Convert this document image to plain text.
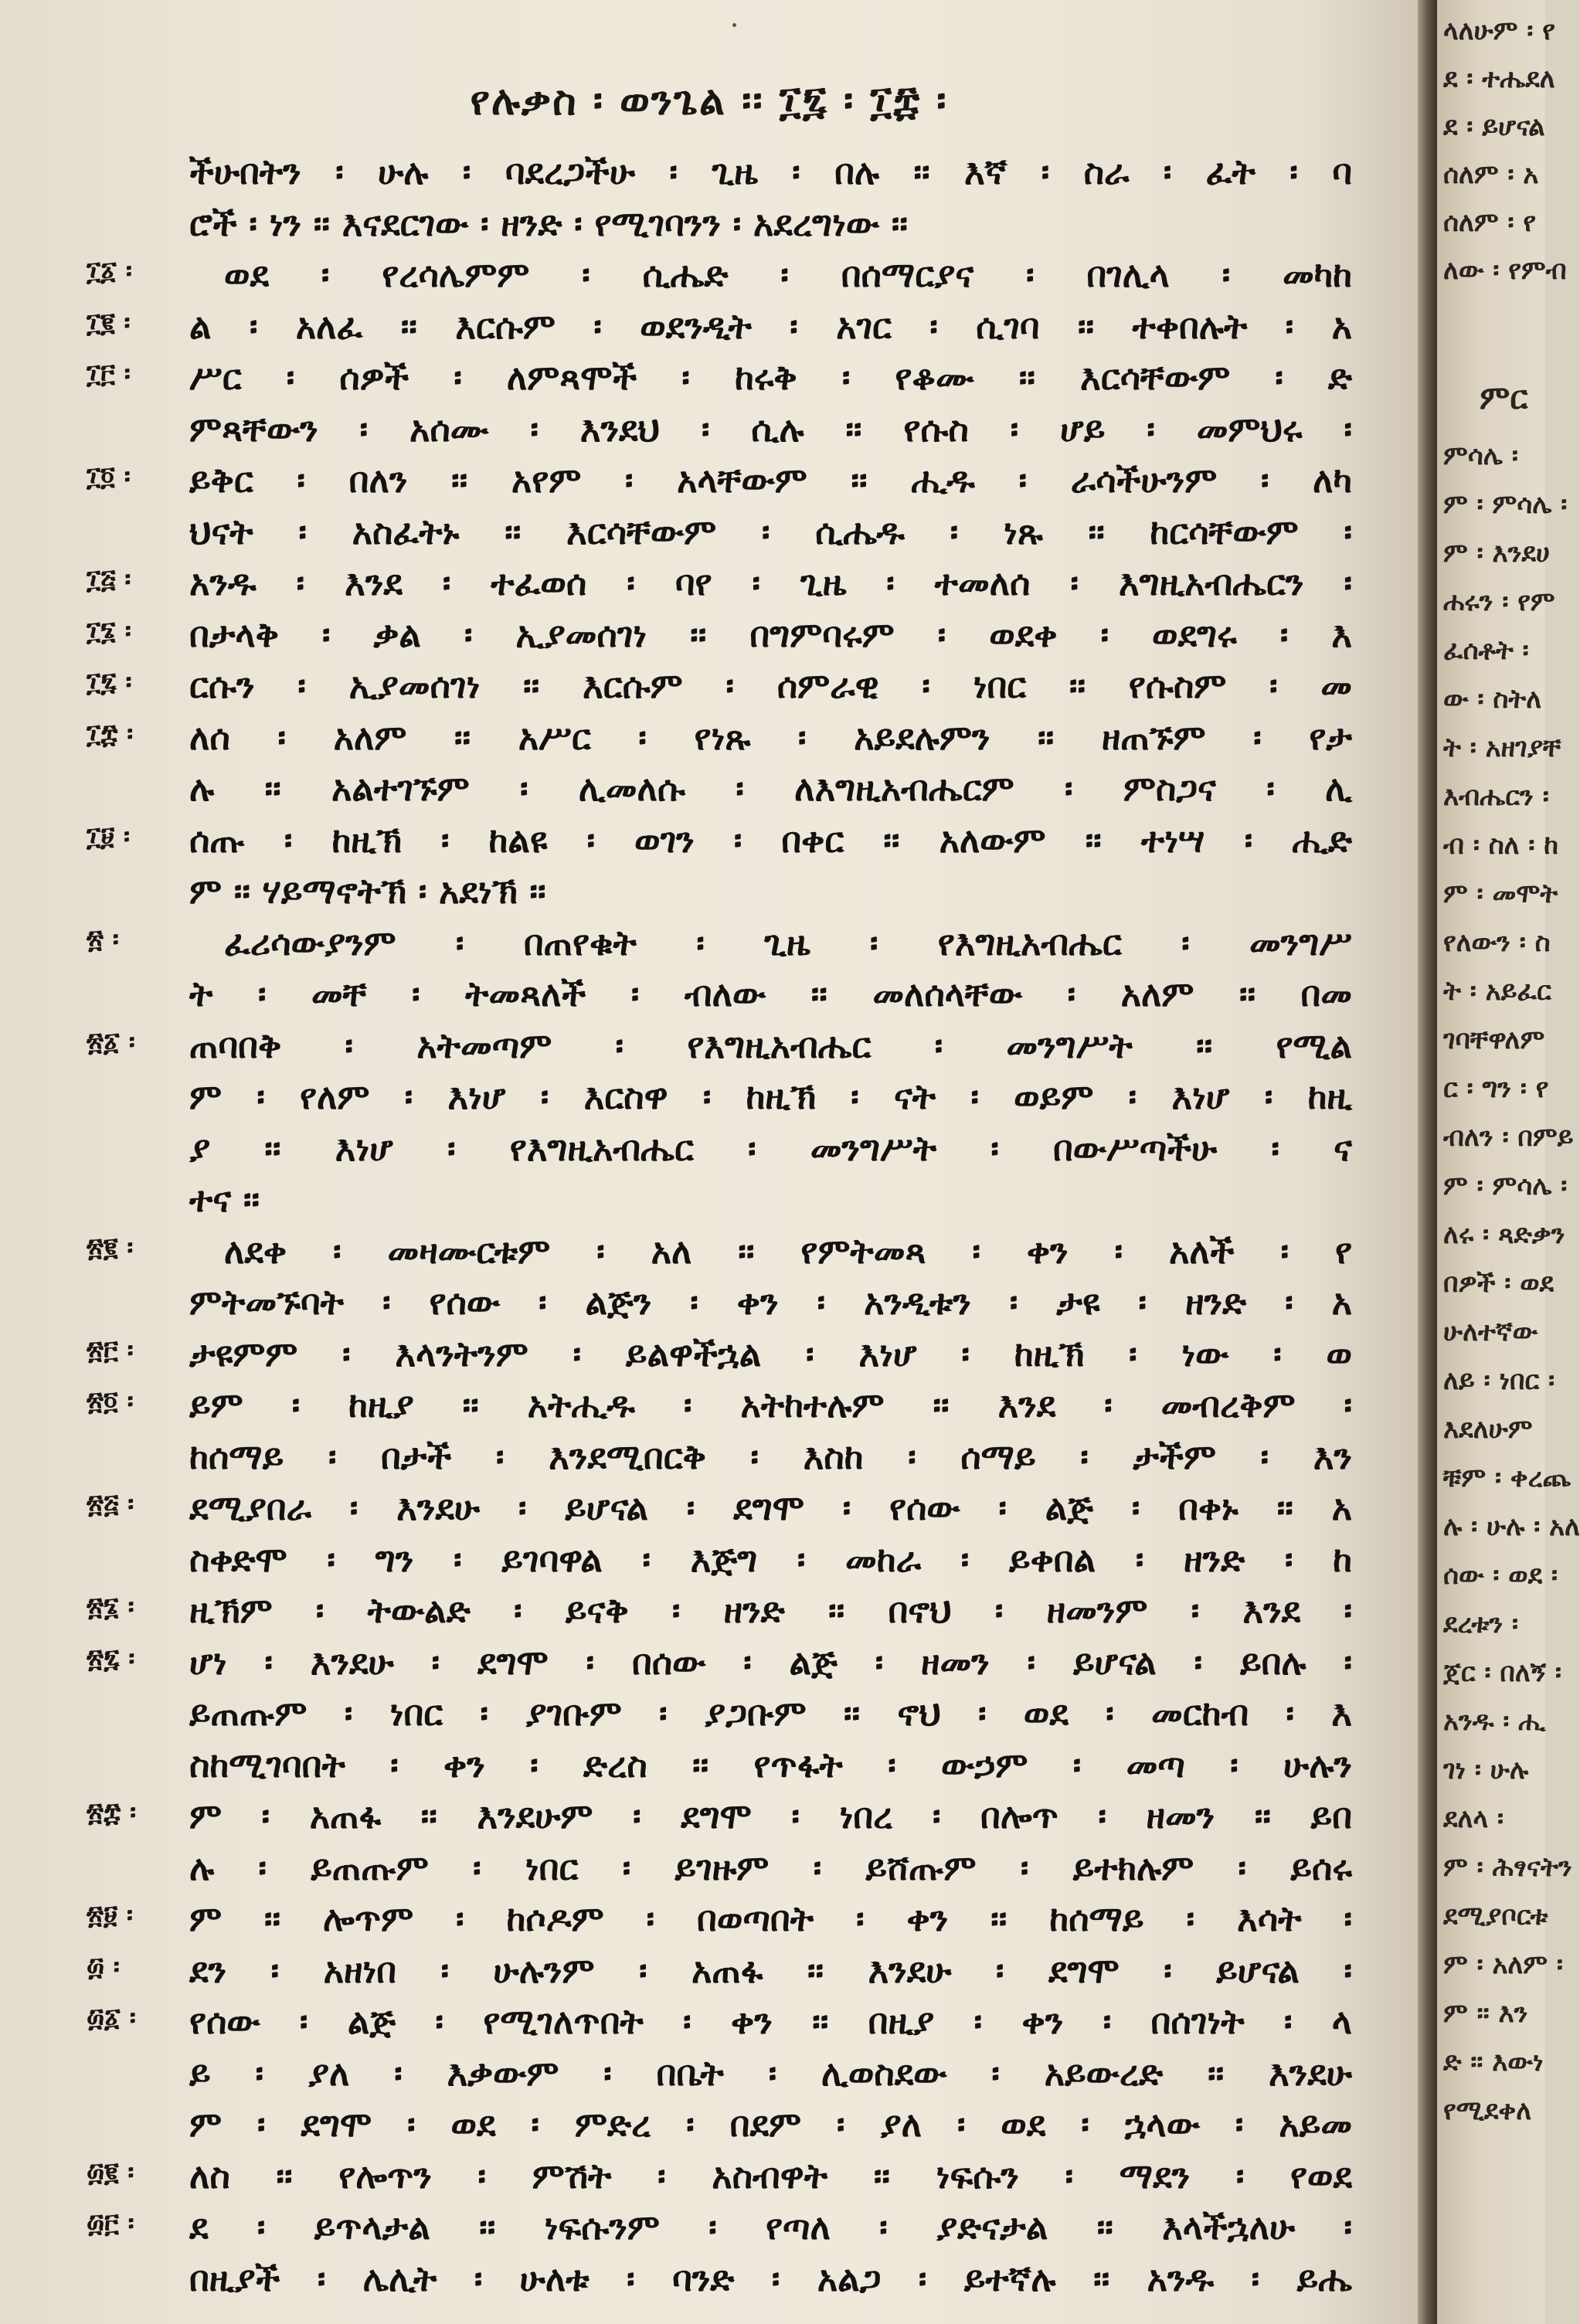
የሉቃስ ፡ ወንጌል ፡፡ ፲፯ ፡ ፲፰ ፡
ችሁበትን ፡ ሁሉ ፡ ባደረጋችሁ ፡ ጊዜ ፡ በሉ ፡፡ እኛ ፡ ስራ ፡ ፈት ፡ ባ
ሮች ፡ ነን ፡፡ እናደርገው ፡ ዘንድ ፡ የሚገባንን ፡ አደረግነው ፡፡
፲፩ ፡	ወደ ፡ የረሳሌምም ፡ ሲሔድ ፡ በሰማርያና ፡ በገሊላ ፡ መካከ
፲፪ ፡	ል ፡ አለፈ ፡፡ እርሱም ፡ ወደንዲት ፡ አገር ፡ ሲገባ ፡፡ ተቀበሉት ፡ አ
፲፫ ፡	ሥር ፡ ሰዎች ፡ ለምጻሞች ፡ ከሩቅ ፡ የቆሙ ፡፡ እርሳቸውም ፡ ድ
ምጻቸውን ፡ አሰሙ ፡ እንደህ ፡ ሲሉ ፡፡ የሱስ ፡ ሆይ ፡ መምህሩ ፡
፲፬ ፡	ይቅር ፡ በለን ፡፡ አየም ፡ አላቸውም ፡፡ ሒዱ ፡ ራሳችሁንም ፡ ለካ
ህናት ፡ አስፈትኑ ፡፡ እርሳቸውም ፡ ሲሔዱ ፡ ነጹ ፡፡ ከርሳቸውም ፡
፲፭ ፡	አንዱ ፡ እንደ ፡ ተፈወሰ ፡ ባየ ፡ ጊዜ ፡ ተመለሰ ፡ እግዚአብሔርን ፡
፲፮ ፡	በታላቅ ፡ ቃል ፡ ኢያመሰገነ ፡፡ በግምባሩም ፡ ወደቀ ፡ ወደግሩ ፡ እ
፲፯ ፡	ርሱን ፡ ኢያመሰገነ ፡፡ እርሱም ፡ ሰምራዊ ፡ ነበር ፡፡ የሱስም ፡ መ
፲፰ ፡	ለሰ ፡ አለም ፡፡ አሥር ፡ የነጹ ፡ አይደሉምን ፡፡ ዘጠኙም ፡ የታ
ሉ ፡፡ አልተገኙም ፡ ሊመለሱ ፡ ለእግዚአብሔርም ፡ ምስጋና ፡ ሊ
፲፱ ፡	ሰጡ ፡ ከዚኽ ፡ ከልዩ ፡ ወገን ፡ በቀር ፡፡ አለውም ፡፡ ተነሣ ፡ ሒድ
ም ፡፡ ሃይማኖትኽ ፡ አደነኽ ፡፡
፳ ፡	ፈሪሳውያንም ፡ በጠየቁት ፡ ጊዜ ፡ የእግዚአብሔር ፡ መንግሥ
ት ፡ መቸ ፡ ትመጻለች ፡ ብለው ፡፡ መለሰላቸው ፡ አለም ፡፡ በመ
፳፩ ፡	ጠባበቅ ፡ አትመጣም ፡ የእግዚአብሔር ፡ መንግሥት ፡፡ የሚል
ም ፡ የለም ፡ እነሆ ፡ እርስዋ ፡ ከዚኽ ፡ ናት ፡ ወይም ፡ እነሆ ፡ ከዚ
ያ ፡፡ እነሆ ፡ የእግዚአብሔር ፡ መንግሥት ፡ በውሥጣችሁ ፡ ና
ተና ፡፡
፳፪ ፡	ለደቀ ፡ መዛሙርቱም ፡ አለ ፡፡ የምትመጻ ፡ ቀን ፡ አለች ፡ የ
ምትመኙባት ፡ የሰው ፡ ልጅን ፡ ቀን ፡ አንዲቱን ፡ ታዩ ፡ ዘንድ ፡ አ
፳፫ ፡	ታዩምም ፡ እላንትንም ፡ ይልዋችኋል ፡ እነሆ ፡ ከዚኽ ፡ ነው ፡ ወ
፳፬ ፡	ይም ፡ ከዚያ ፡፡ አትሒዱ ፡ አትከተሉም ፡፡ እንደ ፡ መብረቅም ፡
ከሰማይ ፡ በታች ፡ እንደሚበርቅ ፡ እስከ ፡ ሰማይ ፡ ታችም ፡ እን
፳፭ ፡	ደሚያበራ ፡ እንደሁ ፡ ይሆናል ፡ ደግሞ ፡ የሰው ፡ ልጅ ፡ በቀኑ ፡፡ አ
ስቀድሞ ፡ ግን ፡ ይገባዋል ፡ እጅግ ፡ መከራ ፡ ይቀበል ፡ ዘንድ ፡ ከ
፳፮ ፡	ዚኽም ፡ ትውልድ ፡ ይናቅ ፡ ዘንድ ፡፡ በኖህ ፡ ዘመንም ፡ እንደ ፡
፳፯ ፡	ሆነ ፡ እንደሁ ፡ ደግሞ ፡ በሰው ፡ ልጅ ፡ ዘመን ፡ ይሆናል ፡ ይበሉ ፡
ይጠጡም ፡ ነበር ፡ ያገቡም ፡ ያጋቡም ፡፡ ኖህ ፡ ወደ ፡ መርከብ ፡ እ
ስከሚገባበት ፡ ቀን ፡ ድረስ ፡፡ የጥፋት ፡ ውኃም ፡ መጣ ፡ ሁሉን
፳፰ ፡	ም ፡ አጠፋ ፡፡ እንደሁም ፡ ደግሞ ፡ ነበረ ፡ በሎጥ ፡ ዘመን ፡፡ ይበ
ሉ ፡ ይጠጡም ፡ ነበር ፡ ይገዙም ፡ ይሸጡም ፡ ይተክሉም ፡ ይሰሩ
፳፱ ፡	ም ፡፡ ሎጥም ፡ ከሶዶም ፡ በወጣበት ፡ ቀን ፡፡ ከሰማይ ፡ እሳት ፡
፴ ፡	ደን ፡ አዘነበ ፡ ሁሉንም ፡ አጠፋ ፡፡ እንደሁ ፡ ደግሞ ፡ ይሆናል ፡
፴፩ ፡	የሰው ፡ ልጅ ፡ የሚገለጥበት ፡ ቀን ፡፡ በዚያ ፡ ቀን ፡ በሰገነት ፡ ላ
ይ ፡ ያለ ፡ እቃውም ፡ በቤት ፡ ሊወስደው ፡ አይውረድ ፡፡ እንደሁ
ም ፡ ደግሞ ፡ ወደ ፡ ምድረ ፡ በደም ፡ ያለ ፡ ወደ ፡ ኋላው ፡ አይመ
፴፪ ፡	ለስ ፡፡ የሎጥን ፡ ምሽት ፡ አስብዋት ፡፡ ነፍሱን ፡ ማደን ፡ የወደ
፴፫ ፡	ደ ፡ ይጥላታል ፡፡ ነፍሱንም ፡ የጣለ ፡ ያድናታል ፡፡ እላችኋለሁ ፡
በዚያች ፡ ሌሊት ፡ ሁለቱ ፡ ባንድ ፡ አልጋ ፡ ይተኛሉ ፡፡ አንዱ ፡ ይሔ
ምር
ላለሁም ፡ የ
ደ ፡ ተሔደለ
ደ ፡ ይሆናል
ሰለም ፡ አ
ሰለም ፡ የ
ለው ፡ የምብ
ምሳሌ ፡
ም ፡ ምሳሌ ፡
ም ፡ እንደሀ
ሐሩን ፡ የም
ፈሰቶት ፡
ው ፡ ስትለ
ት ፡ አዘገያቸ
እብሔርን ፡
ብ ፡ ስለ ፡ ከ
ም ፡ መሞት
የለውን ፡ ስ
ት ፡ አይፈር
ገባቸዋለም
ር ፡ ግን ፡ የ
ብለን ፡ በምይ
ም ፡ ምሳሌ ፡
ለሩ ፡ ጻድቃን
በዎች ፡ ወደ
ሁለተኛው
ለይ ፡ ነበር ፡
እደለሁም
ቹም ፡ ቀረጨ
ሉ ፡ ሁሉ ፡ አለ
ሰው ፡ ወደ ፡
ደረቱን ፡
ጀር ፡ በለኝ ፡
አንዱ ፡ ሒ
ገነ ፡ ሁሉ
ደለላ ፡
ም ፡ ሕፃናትን
ደሚያቦርቱ
ም ፡ አለም ፡
ም ፡፡ እን
ድ ፡፡ እውነ
የሚደቀለ
